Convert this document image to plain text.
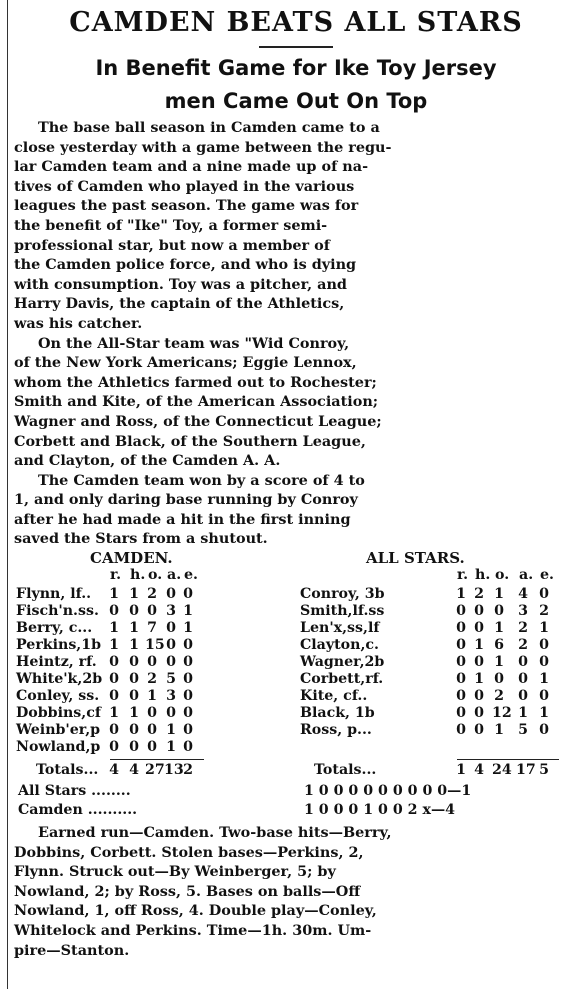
CAMDEN BEATS ALL STARS
In Benefit Game for Ike Toy Jersey
men Came Out On Top
The base ball season in Camden came to a
close yesterday with a game between the regu-
lar Camden team and a nine made up of na-
tives of Camden who played in the various
leagues the past season. The game was for
the benefit of "Ike" Toy, a former semi-
professional star, but now a member of
the Camden police force, and who is dying
with consumption. Toy was a pitcher, and
Harry Davis, the captain of the Athletics,
was his catcher.
On the All-Star team was "Wid Conroy,
of the New York Americans; Eggie Lennox,
whom the Athletics farmed out to Rochester;
Smith and Kite, of the American Association;
Wagner and Ross, of the Connecticut League;
Corbett and Black, of the Southern League,
and Clayton, of the Camden A. A.
The Camden team won by a score of 4 to
1, and only daring base running by Conroy
after he had made a hit in the first inning
saved the Stars from a shutout.
CAMDEN.	ALL STARS.
r. h. o. a. e.	r. h. o. a. e.
Flynn, lf.. 1 1 2 0 0
Fisch'n.ss. 0 0 0 3 1
Berry, c... 1 1 7 0 1
Perkins,1b 1 1 15 0 0
Heintz, rf. 0 0 0 0 0
White'k,2b 0 0 2 5 0
Conley, ss. 0 0 1 3 0
Dobbins,cf 1 1 0 0 0
Weinb'er,p 0 0 0 1 0
Nowland,p 0 0 0 1 0
Conroy, 3b	1 2 1 4 0
Smith,lf.ss	0 0 0 3 2
Len'x,ss,lf	0 0 1 2 1
Clayton,c.	0 1 6 2 0
Wagner,2b	0 0 1 0 0
Corbett,rf.	0 1 0 0 1
Kite, cf..	0 0 2 0 0
Black, 1b	0 0 12 1 1
Ross, p...	0 0 1 5 0
Totals... 4 4 27 13 2	Totals...	1 4 24 17 5
All Stars ........	1 0 0 0 0 0 0 0 0 0—1
Camden ..........	1 0 0 0 1 0 0 2 x—4
Earned run—Camden. Two-base hits—Berry,
Dobbins, Corbett. Stolen bases—Perkins, 2,
Flynn. Struck out—By Weinberger, 5; by
Nowland, 2; by Ross, 5. Bases on balls—Off
Nowland, 1, off Ross, 4. Double play—Conley,
Whitelock and Perkins. Time—1h. 30m. Um-
pire—Stanton.
